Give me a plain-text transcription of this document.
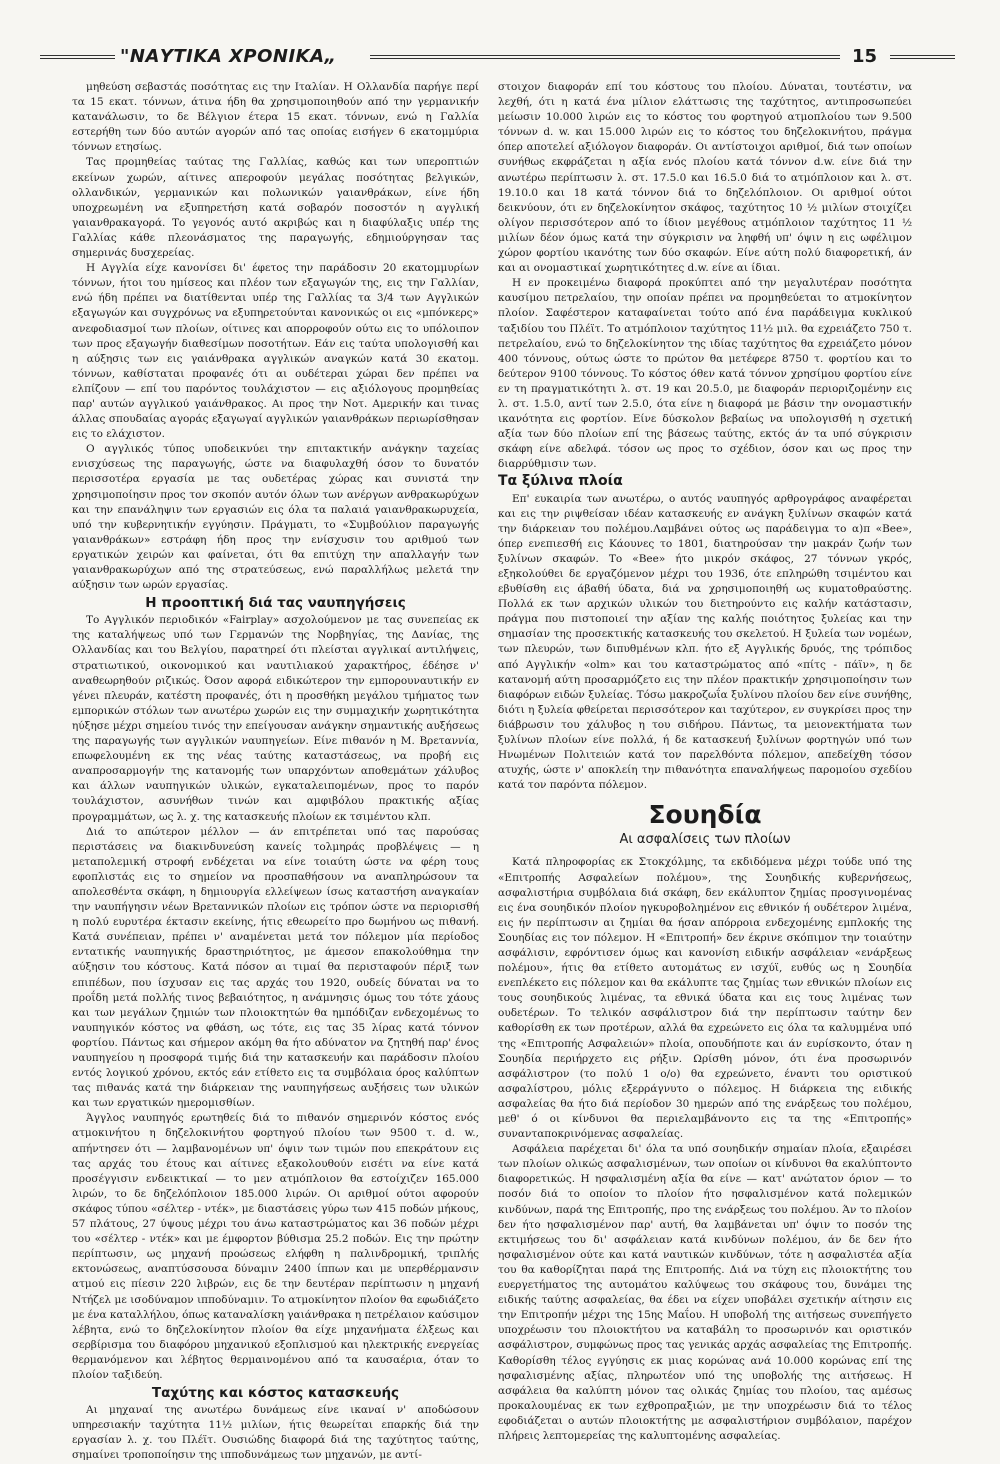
"ΝΑΥΤΙΚΑ ΧΡΟΝΙΚΑ„	15

μηθεύση σεβαστάς ποσότητας εις την Ιταλίαν. Η Ολλανδία παρήγε περί τα 15 εκατ. τόννων, άτινα ήδη θα χρησιμοποιηθούν από την γερμανικήν κατανάλωσιν, το δε Βέλγιον έτερα 15 εκατ. τόννων, ενώ η Γαλλία εστερήθη των δύο αυτών αγορών από τας οποίας εισήγεν 6 εκατομμύρια τόννων ετησίως.

Τας προμηθείας ταύτας της Γαλλίας, καθώς και των υπεροπτιών εκείνων χωρών, αίτινες απεροφούν μεγάλας ποσότητας βελγικών, ολλανδικών, γερμανικών και πολωνικών γαιανθράκων, είνε ήδη υποχρεωμένη να εξυπηρετήση κατά σοβαρόν ποσοστόν η αγγλική γαιανθρακαγορά. Το γεγονός αυτό ακριβώς και η διαφύλαξις υπέρ της Γαλλίας κάθε πλεονάσματος της παραγωγής, εδημιούργησαν τας σημερινάς δυσχερείας.

Η Αγγλία είχε κανονίσει δι' έφετος την παράδοσιν 20 εκατομμυρίων τόννων, ήτοι του ημίσεος και πλέον των εξαγωγών της, εις την Γαλλίαν, ενώ ήδη πρέπει να διατίθενται υπέρ της Γαλλίας τα 3/4 των Αγγλικών εξαγωγών και συγχρόνως να εξυπηρετούνται κανονικώς οι εις «μπόνκερς» ανεφοδιασμοί των πλοίων, οίτινες και απορροφούν ούτω εις το υπόλοιπον των προς εξαγωγήν διαθεσίμων ποσοτήτων. Εάν εις ταύτα υπολογισθή και η αύξησις των εις γαιάνθρακα αγγλικών αναγκών κατά 30 εκατομ. τόννων, καθίσταται προφανές ότι αι ουδέτεραι χώραι δεν πρέπει να ελπίζουν — επί του παρόντος τουλάχιστον — εις αξιόλογους προμηθείας παρ' αυτών αγγλικού γαιάνθρακος. Αι προς την Νοτ. Αμερικήν και τινας άλλας σπουδαίας αγοράς εξαγωγαί αγγλικών γαιανθράκων περιωρίσθησαν εις το ελάχιστον.

Ο αγγλικός τύπος υποδεικνύει την επιτακτικήν ανάγκην ταχείας ενισχύσεως της παραγωγής, ώστε να διαφυλαχθή όσον το δυνατόν περισσοτέρα εργασία με τας ουδετέρας χώρας και συνιστά την χρησιμοποίησιν προς τον σκοπόν αυτόν όλων των ανέργων ανθρακωρύχων και την επανάληψιν των εργασιών εις όλα τα παλαιά γαιανθρακωρυχεία, υπό την κυβερνητικήν εγγύησιν. Πράγματι, το «Συμβούλιον παραγωγής γαιανθράκων» εστράφη ήδη προς την ενίσχυσιν του αριθμού των εργατικών χειρών και φαίνεται, ότι θα επιτύχη την απαλλαγήν των γαιανθρακωρύχων από της στρατεύσεως, ενώ παραλλήλως μελετά την αύξησιν των ωρών εργασίας.

Η προοπτική διά τας ναυπηγήσεις

Το Αγγλικόν περιοδικόν «Fairplay» ασχολούμενον με τας συνεπείας εκ της καταλήψεως υπό των Γερμανών της Νορβηγίας, της Δανίας, της Ολλανδίας και του Βελγίου, παρατηρεί ότι πλείσται αγγλικαί αντιλήψεις, στρατιωτικού, οικονομικού και ναυτιλιακού χαρακτήρος, έδέησε ν' αναθεωρηθούν ριζικώς. Όσον αφορά ειδικώτερον την εμπορουναυτικήν εν γένει πλευράν, κατέστη προφανές, ότι η προσθήκη μεγάλου τμήματος των εμπορικών στόλων των ανωτέρω χωρών εις την συμμαχικήν χωρητικότητα ηύξησε μέχρι σημείου τινός την επείγουσαν ανάγκην σημαντικής αυξήσεως της παραγωγής των αγγλικών ναυπηγείων. Είνε πιθανόν η Μ. Βρεταννία, επωφελουμένη εκ της νέας ταύτης καταστάσεως, να προβή εις αναπροσαρμογήν της κατανομής των υπαρχόντων αποθεμάτων χάλυβος και άλλων ναυπηγικών υλικών, εγκαταλειπομένων, προς το παρόν τουλάχιστον, ασυνήθων τινών και αμφιβόλου πρακτικής αξίας προγραμμάτων, ως λ. χ. της κατασκευής πλοίων εκ τσιμέντου κλπ.

Διά το απώτερον μέλλον — άν επιτρέπεται υπό τας παρούσας περιστάσεις να διακινδυνεύση κανείς τολμηράς προβλέψεις — η μεταπολεμική στροφή ενδέχεται να είνε τοιαύτη ώστε να φέρη τους εφοπλιστάς εις το σημείον να προσπαθήσουν να αναπληρώσουν τα απολεσθέντα σκάφη, η δημιουργία ελλείψεων ίσως καταστήση αναγκαίαν την ναυπήγησιν νέων Βρεταννικών πλοίων εις τρόπον ώστε να περιορισθή η πολύ ευρυτέρα έκτασιν εκείνης, ήτις εθεωρείτο προ δωμήνου ως πιθανή. Κατά συνέπειαν, πρέπει ν' αναμένεται μετά τον πόλεμον μία περίοδος εντατικής ναυπηγικής δραστηριότητος, με άμεσον επακολούθημα την αύξησιν του κόστους. Κατά πόσον αι τιμαί θα περισταφούν πέριξ των επιπέδων, που ίσχυσαν εις τας αρχάς του 1920, ουδείς δύναται να το προΐδη μετά πολλής τινος βεβαιότητος, η ανάμνησις όμως του τότε χάους και των μεγάλων ζημιών των πλοιοκτητών θα ημπόδιζαν ενδεχομένως το ναυπηγικόν κόστος να φθάση, ως τότε, εις τας 35 λίρας κατά τόννον φορτίου. Πάντως και σήμερον ακόμη θα ήτο αδύνατον να ζητηθή παρ' ένος ναυπηγείου η προσφορά τιμής διά την κατασκευήν και παράδοσιν πλοίου εντός λογικού χρόνου, εκτός εάν ετίθετο εις τα συμβόλαια όρος καλύπτων τας πιθανάς κατά την διάρκειαν της ναυπηγήσεως αυξήσεις των υλικών και των εργατικών ημερομισθίων.

Άγγλος ναυπηγός ερωτηθείς διά το πιθανόν σημερινόν κόστος ενός ατμοκινήτου η δηζελοκινήτου φορτηγού πλοίου των 9500 τ. d. w., απήντησεν ότι — λαμβανομένων υπ' όψιν των τιμών που επεκράτουν εις τας αρχάς του έτους και αίτινες εξακολουθούν εισέτι να είνε κατά προσέγγισιν ενδεικτικαί — το μεν ατμόπλοιον θα εστοίχιζεν 165.000 λιρών, το δε δηζελόπλοιον 185.000 λιρών. Οι αριθμοί ούτοι αφορούν σκάφος τύπου «σέλτερ - ντέκ», με διαστάσεις γύρω των 415 ποδών μήκους, 57 πλάτους, 27 ύψους μέχρι του άνω καταστρώματος και 36 ποδών μέχρι του «σέλτερ - ντέκ» και με έμφορτον βύθισμα 25.2 ποδών. Εις την πρώτην περίπτωσιν, ως μηχανή προώσεως ελήφθη η παλινδρομική, τριπλής εκτονώσεως, αναπτύσσουσα δύναμιν 2400 ίππων και με υπερθέρμανσιν ατμού εις πίεσιν 220 λιβρών, εις δε την δευτέραν περίπτωσιν η μηχανή Ντήζελ με ισοδύναμον ιπποδύναμιν. Το ατμοκίνητον πλοίον θα εφωδιάζετο με ένα καταλλήλου, όπως καταναλίσκη γαιάνθρακα η πετρέλαιον καύσιμον λέβητα, ενώ το δηζελοκίνητον πλοίον θα είχε μηχανήματα έλξεως και σερβίρισμα του διαφόρου μηχανικού εξοπλισμού και ηλεκτρικής ενεργείας θερμανόμενον και λέβητος θερμαινομένου από τα καυσαέρια, όταν το πλοίον ταξιδεύη.

Ταχύτης και κόστος κατασκευής

Αι μηχαναί της ανωτέρω δυνάμεως είνε ικαναί ν' αποδώσουν υπηρεσιακήν ταχύτητα 11½ μιλίων, ήτις θεωρείται επαρκής διά την εργασίαν λ. χ. του Πλέϊτ. Ουσιώδης διαφορά διά της ταχύτητος ταύτης, σημαίνει τροποποίησιν της ιπποδυνάμεως των μηχανών, με αντί-

στοιχον διαφοράν επί του κόστους του πλοίου. Δύναται, τουτέστιν, να λεχθή, ότι η κατά ένα μίλιον ελάττωσις της ταχύτητος, αντιπροσωπεύει μείωσιν 10.000 λιρών εις το κόστος του φορτηγού ατμοπλοίου των 9.500 τόννων d. w. και 15.000 λιρών εις το κόστος του δηζελοκινήτου, πράγμα όπερ αποτελεί αξιόλογον διαφοράν. Οι αντίστοιχοι αριθμοί, διά των οποίων συνήθως εκφράζεται η αξία ενός πλοίου κατά τόννον d.w. είνε διά την ανωτέρω περίπτωσιν λ. στ. 17.5.0 και 16.5.0 διά το ατμόπλοιον και λ. στ. 19.10.0 και 18 κατά τόννον διά το δηζελόπλοιον. Οι αριθμοί ούτοι δεικνύουν, ότι εν δηζελοκίνητον σκάφος, ταχύτητος 10 ½ μιλίων στοιχίζει ολίγον περισσότερον από το ίδιον μεγέθους ατμόπλοιον ταχύτητος 11 ½ μιλίων δέον όμως κατά την σύγκρισιν να ληφθή υπ' όψιν η εις ωφέλιμον χώρον φορτίου ικανότης των δύο σκαφών. Είνε αύτη πολύ διαφορετική, άν και αι ονομαστικαί χωρητικότητες d.w. είνε αι ίδιαι.

Η εν προκειμένω διαφορά προκύπτει από την μεγαλυτέραν ποσότητα καυσίμου πετρελαίου, την οποίαν πρέπει να προμηθεύεται το ατμοκίνητον πλοίον. Σαφέστερον καταφαίνεται τούτο από ένα παράδειγμα κυκλικού ταξιδίου του Πλέϊτ. Το ατμόπλοιον ταχύτητος 11½ μιλ. θα εχρειάζετο 750 τ. πετρελαίου, ενώ το δηζελοκίνητον της ιδίας ταχύτητος θα εχρειάζετο μόνον 400 τόννους, ούτως ώστε το πρώτον θα μετέφερε 8750 τ. φορτίου και το δεύτερον 9100 τόννους. Το κόστος όθεν κατά τόννον χρησίμου φορτίου είνε εν τη πραγματικότητι λ. στ. 19 και 20.5.0, με διαφοράν περιοριζομένην εις λ. στ. 1.5.0, αντί των 2.5.0, ότα είνε η διαφορά με βάσιν την ονομαστικήν ικανότητα εις φορτίον. Είνε δύσκολον βεβαίως να υπολογισθή η σχετική αξία των δύο πλοίων επί της βάσεως ταύτης, εκτός άν τα υπό σύγκρισιν σκάφη είνε αδελφά. τόσον ως προς το σχέδιον, όσον και ως προς την διαρρύθμισιν των.

Τα ξύλινα πλοία

Επ' ευκαιρία των ανωτέρω, ο αυτός ναυπηγός αρθρογράφος αναφέρεται και εις την ριψθείσαν ιδέαν κατασκευής εν ανάγκη ξυλίνων σκαφών κατά την διάρκειαν του πολέμου.Λαμβάνει ούτος ως παράδειγμα το α)π «Bee», όπερ ενεπιεσθή εις Κάουνες το 1801, διατηρούσαν την μακράν ζωήν των ξυλίνων σκαφών. Το «Bee» ήτο μικρόν σκάφος, 27 τόννων γκρός, εξηκολούθει δε εργαζόμενον μέχρι του 1936, ότε επληρώθη τσιμέντου και εβυθίσθη εις άβαθή ύδατα, διά να χρησιμοποιηθή ως κυματοθραύστης. Πολλά εκ των αρχικών υλικών του διετηρούντο εις καλήν κατάστασιν, πράγμα που πιστοποιεί την αξίαν της καλής ποιότητος ξυλείας και την σημασίαν της προσεκτικής κατασκευής του σκελετού. Η ξυλεία των νομέων, των πλευρών, των διπυθμένων κλπ. ήτο εξ Αγγλικής δρυός, της τρόπιδος από Αγγλικήν «olm» και του καταστρώματος από «πίτς - πάϊν», η δε κατανομή αύτη προσαρμόζετο εις την πλέον πρακτικήν χρησιμοποίησιν των διαφόρων ειδών ξυλείας. Τόσω μακροζωΐα ξυλίνου πλοίου δεν είνε συνήθης, διότι η ξυλεία φθείρεται περισσότερον και ταχύτερον, εν συγκρίσει προς την διάβρωσιν του χάλυβος η του σιδήρου. Πάντως, τα μειονεκτήματα των ξυλίνων πλοίων είνε πολλά, ή δε κατασκευή ξυλίνων φορτηγών υπό των Ηνωμένων Πολιτειών κατά τον παρελθόντα πόλεμον, απεδείχθη τόσον ατυχής, ώστε ν' αποκλείη την πιθανότητα επαναλήψεως παρομοίου σχεδίου κατά τον παρόντα πόλεμον.

Σουηδία
Αι ασφαλίσεις των πλοίων

Κατά πληροφορίας εκ Στοκχόλμης, τα εκδιδόμενα μέχρι τούδε υπό της «Επιτροπής Ασφαλείων πολέμου», της Σουηδικής κυβερνήσεως, ασφαλιστήρια συμβόλαια διά σκάφη, δεν εκάλυπτον ζημίας προσγινομένας εις ένα σουηδικόν πλοίον ηγκυροβολημένον εις εθνικόν ή ουδέτερον λιμένα, εις ήν περίπτωσιν αι ζημίαι θα ήσαν απόρροια ενδεχομένης εμπλοκής της Σουηδίας εις τον πόλεμον. Η «Επιτροπή» δεν έκρινε σκόπιμον την τοιαύτην ασφάλισιν, εφρόντισεν όμως και κανονίση ειδικήν ασφάλειαν «ενάρξεως πολέμου», ήτις θα ετίθετο αυτομάτως εν ισχύϊ, ευθύς ως η Σουηδία ενεπλέκετο εις πόλεμον και θα εκάλυπτε τας ζημίας των εθνικών πλοίων εις τους σουηδικούς λιμένας, τα εθνικά ύδατα και εις τους λιμένας των ουδετέρων. Το τελικόν ασφάλιστρον διά την περίπτωσιν ταύτην δεν καθορίσθη εκ των προτέρων, αλλά θα εχρεώνετο εις όλα τα καλυμμένα υπό της «Επιτροπής Ασφαλειών» πλοία, οπουδήποτε και άν ευρίσκοντο, όταν η Σουηδία περιήρχετο εις ρήξιν. Ωρίσθη μόνον, ότι ένα προσωρινόν ασφάλιστρον (το πολύ 1 ο/ο) θα εχρεώνετο, έναντι του οριστικού ασφαλίστρου, μόλις εξερράγνυτο ο πόλεμος. Η διάρκεια της ειδικής ασφαλείας θα ήτο διά περίοδον 30 ημερών από της ενάρξεως του πολέμου, μεθ' ό οι κίνδυνοι θα περιελαμβάνοντο εις τα της «Επιτροπής» συνανταποκρινόμενας ασφαλείας.

Ασφάλεια παρέχεται δι' όλα τα υπό σουηδικήν σημαίαν πλοία, εξαιρέσει των πλοίων ολικώς ασφαλισμένων, των οποίων οι κίνδυνοι θα εκαλύπτοντο διαφορετικώς. Η ησφαλισμένη αξία θα είνε — κατ' ανώτατον όριον — το ποσόν διά το οποίον το πλοίον ήτο ησφαλισμένον κατά πολεμικών κινδύνων, παρά της Επιτροπής, προ της ενάρξεως του πολέμου. Άν το πλοίον δεν ήτο ησφαλισμένον παρ' αυτή, θα λαμβάνεται υπ' όψιν το ποσόν της εκτιμήσεως του δι' ασφάλειαν κατά κινδύνων πολέμου, άν δε δεν ήτο ησφαλισμένον ούτε και κατά ναυτικών κινδύνων, τότε η ασφαλιστέα αξία του θα καθορίζηται παρά της Επιτροπής. Διά να τύχη εις πλοιοκτήτης του ευεργετήματος της αυτομάτου καλύψεως του σκάφους του, δυνάμει της ειδικής ταύτης ασφαλείας, θα έδει να είχεν υποβάλει σχετικήν αίτησιν εις την Επιτροπήν μέχρι της 15ης Μαΐου. Η υποβολή της αιτήσεως συνεπήγετο υποχρέωσιν του πλοιοκτήτου να καταβάλη το προσωρινόν και οριστικόν ασφάλιστρον, συμφώνως προς τας γενικάς αρχάς ασφαλείας της Επιτροπής. Καθορίσθη τέλος εγγύησις εκ μιας κορώνας ανά 10.000 κορώνας επί της ησφαλισμένης αξίας, πληρωτέον υπό της υποβολής της αιτήσεως. Η ασφάλεια θα καλύπτη μόνον τας ολικάς ζημίας του πλοίου, τας αμέσως προκαλουμένας εκ των εχθροπραξιών, με την υποχρέωσιν διά το τέλος εφοδιάζεται ο αυτών πλοιοκτήτης με ασφαλιστήριον συμβόλαιον, παρέχον πλήρεις λεπτομερείας της καλυπτομένης ασφαλείας.
